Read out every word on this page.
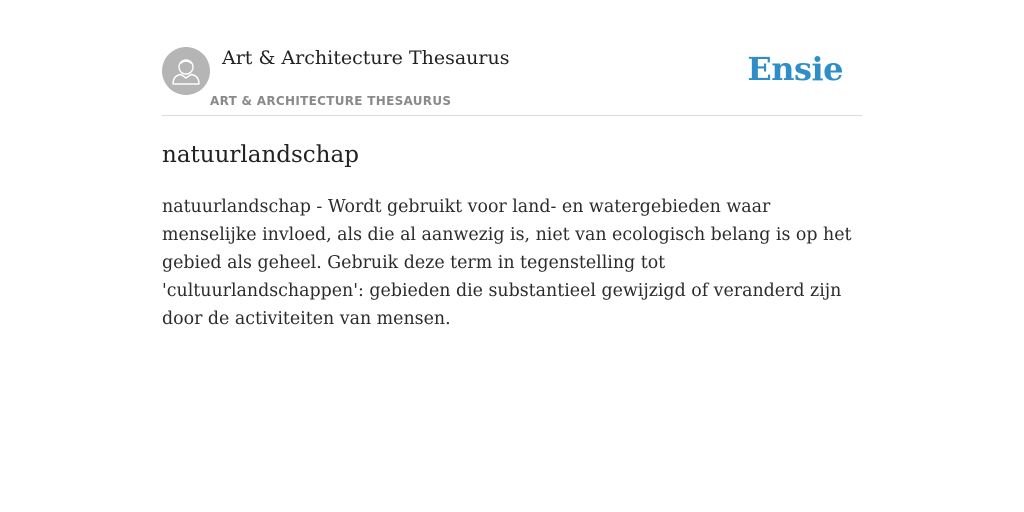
Art & Architecture Thesaurus
ART & ARCHITECTURE THESAURUS
Ensie
natuurlandschap

natuurlandschap - Wordt gebruikt voor land- en watergebieden waar menselijke invloed, als die al aanwezig is, niet van ecologisch belang is op het gebied als geheel. Gebruik deze term in tegenstelling tot 'cultuurlandschappen': gebieden die substantieel gewijzigd of veranderd zijn door de activiteiten van mensen.
